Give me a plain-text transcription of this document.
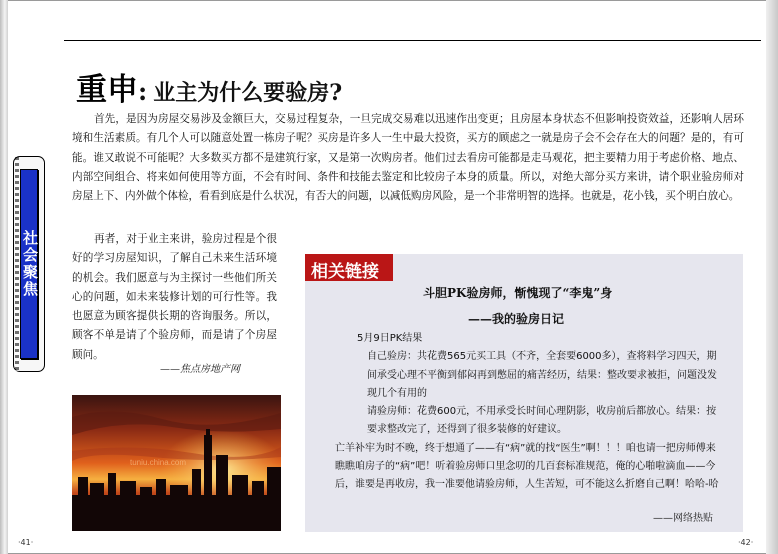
社会聚焦
重申: 业主为什么要验房?
首先，是因为房屋交易涉及金额巨大，交易过程复杂，一旦完成交易难以迅速作出变更；且房屋本身状态不但影响投资效益，还影响人居环境和生活素质。有几个人可以随意处置一栋房子呢？买房是许多人一生中最大投资，买方的顾虑之一就是房子会不会存在大的问题？是的，有可能。谁又敢说不可能呢？大多数买方都不是建筑行家，又是第一次购房者。他们过去看房可能都是走马观花，把主要精力用于考虑价格、地点、内部空间组合、将来如何使用等方面，不会有时间、条件和技能去鉴定和比较房子本身的质量。所以，对绝大部分买方来讲，请个职业验房师对房屋上下、内外做个体检，看看到底是什么状况，有否大的问题，以减低购房风险，是一个非常明智的选择。也就是，花小钱，买个明白放心。
再者，对于业主来讲，验房过程是个很好的学习房屋知识，了解自己未来生活环境的机会。我们愿意与为主探讨一些他们所关心的问题，如未来装修计划的可行性等。我也愿意为顾客提供长期的咨询服务。所以，顾客不单是请了个验房师，而是请了个房屋顾问。
——焦点房地产网
tuniu.china.com
相关链接
斗胆PK验房师，惭愧现了“李鬼”身
——我的验房日记

5月9日PK结果

自己验房：共花费565元买工具（不齐，全套要6000多），查将料学习四天，期间承受心理不平衡到郁闷再到憋屈的痛苦经历，结果：整改要求被拒，问题没发现几个有用的

请验房师：花费600元，不用承受长时间心理阴影，收房前后都放心。结果：按要求整改完了，还得到了很多装修的好建议。

亡羊补牢为时不晚，终于想通了——有“病”就的找“医生”啊！！！咱也请一把房师傅来瞧瞧咱房子的“病”吧！听着验房师口里念叨的几百套标准规范，俺的心啪啦滴血——今后，谁要是再收房，我一准要他请验房师，人生苦短，可不能这么折磨自己啊！哈哈-哈

——网络热贴
·41·	·42·
